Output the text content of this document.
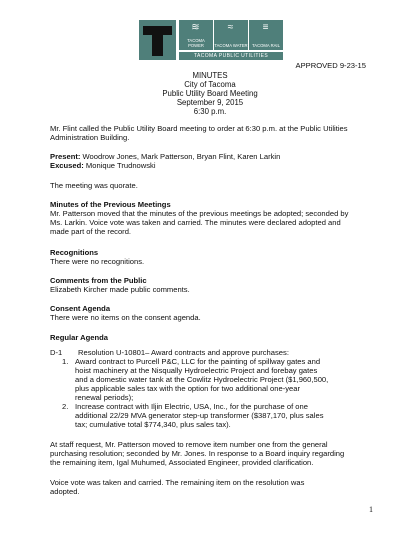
≋
TACOMA POWER
≈
TACOMA WATER
≡
TACOMA RAIL
TACOMA PUBLIC UTILITIES
APPROVED 9-23-15
MINUTES
City of Tacoma
Public Utility Board Meeting
September 9, 2015
6:30 p.m.
Mr. Flint called the Public Utility Board meeting to order at 6:30 p.m. at the Public Utilities
Administration Building.
Present: Woodrow Jones, Mark Patterson, Bryan Flint, Karen Larkin
Excused: Monique Trudnowski
The meeting was quorate.
Minutes of the Previous Meetings
Mr. Patterson moved that the minutes of the previous meetings be adopted; seconded by
Ms. Larkin. Voice vote was taken and carried. The minutes were declared adopted and
made part of the record.
Recognitions
There were no recognitions.
Comments from the Public
Elizabeth Kircher made public comments.
Consent Agenda
There were no items on the consent agenda.
Regular Agenda
D-1 Resolution U-10801– Award contracts and approve purchases:
1. Award contract to Purcell P&C, LLC for the painting of spillway gates and
hoist machinery at the Nisqually Hydroelectric Project and forebay gates
and a domestic water tank at the Cowlitz Hydroelectric Project ($1,960,500,
plus applicable sales tax with the option for two additional one-year
renewal periods);
2. Increase contract with Iljin Electric, USA, Inc., for the purchase of one
additional 22/29 MVA generator step-up transformer ($387,170, plus sales
tax; cumulative total $774,340, plus sales tax).
At staff request, Mr. Patterson moved to remove item number one from the general
purchasing resolution; seconded by Mr. Jones. In response to a Board inquiry regarding
the remaining item, Igal Muhumed, Associated Engineer, provided clarification.
Voice vote was taken and carried. The remaining item on the resolution was
adopted.
1
